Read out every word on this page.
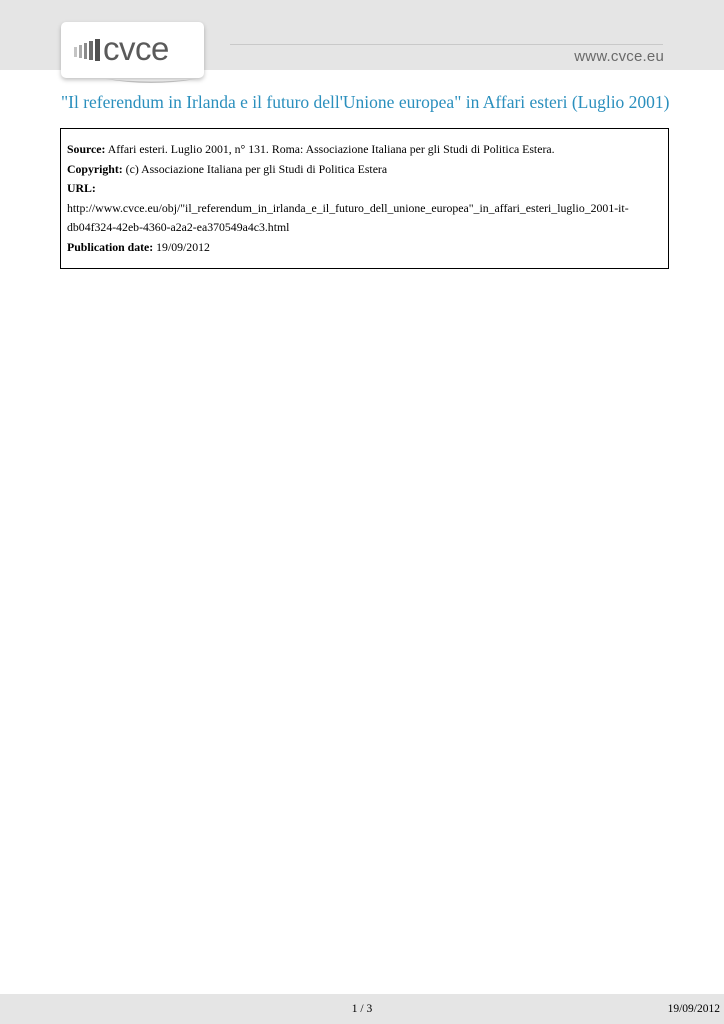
www.cvce.eu
cvce
"Il referendum in Irlanda e il futuro dell'Unione europea" in Affari esteri (Luglio 2001)
Source: Affari esteri. Luglio 2001, n° 131. Roma: Associazione Italiana per gli Studi di Politica Estera.
Copyright: (c) Associazione Italiana per gli Studi di Politica Estera
URL:
http://www.cvce.eu/obj/"il_referendum_in_irlanda_e_il_futuro_dell_unione_europea"_in_affari_esteri_luglio_2001-it-
db04f324-42eb-4360-a2a2-ea370549a4c3.html
Publication date: 19/09/2012
1 / 3	19/09/2012
